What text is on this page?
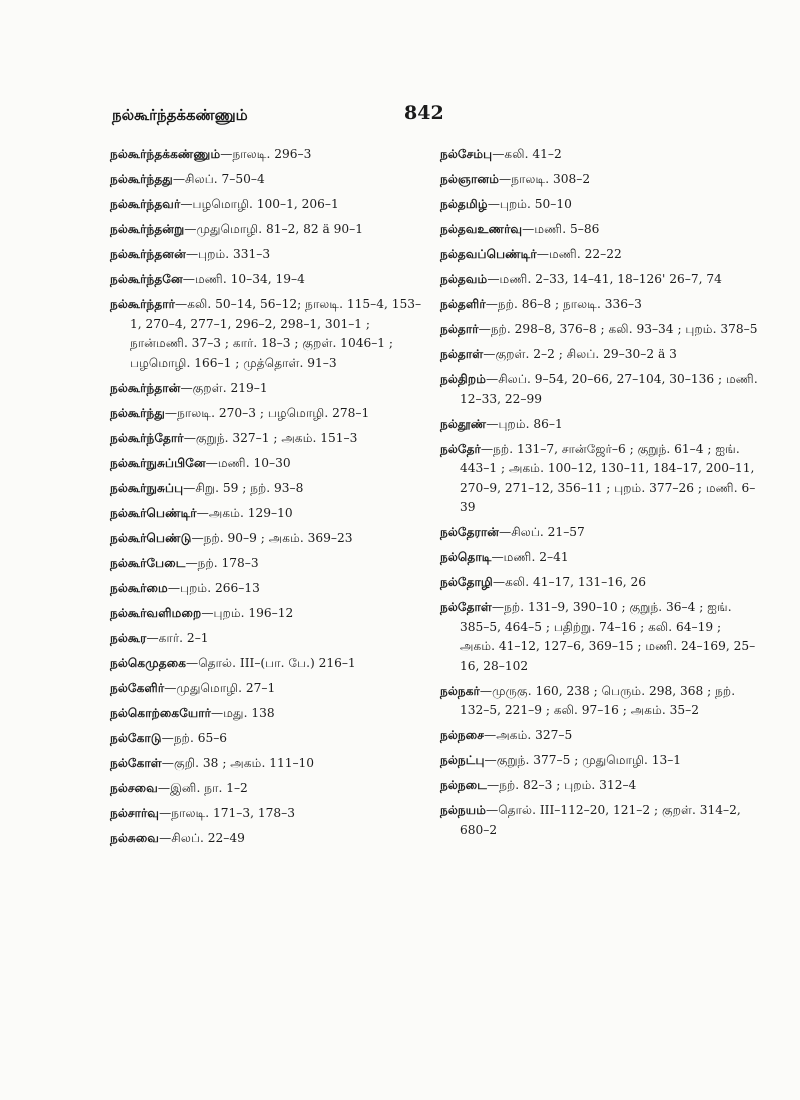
நல்கூர்ந்தக்கண்ணும்	842
நல்கூர்ந்தக்கண்ணும்—நாலடி. 296–3
நல்கூர்ந்தது—சிலப். 7–50–4
நல்கூர்ந்தவர்—பழமொழி. 100–1, 206–1
நல்கூர்ந்தன்று—முதுமொழி. 81–2, 82 ä 90–1
நல்கூர்ந்தனன்—புறம். 331–3
நல்கூர்ந்தனே—மணி. 10–34, 19–4
நல்கூர்ந்தார்—கலி. 50–14, 56–12; நாலடி. 115–4, 153–1, 270–4, 277–1, 296–2, 298–1, 301–1 ; நான்மணி. 37–3 ; கார். 18–3 ; குறள். 1046–1 ; பழமொழி. 166–1 ; முத்தொள். 91–3
நல்கூர்ந்தான்—குறள். 219–1
நல்கூர்ந்து—நாலடி. 270–3 ; பழமொழி. 278–1
நல்கூர்ந்தோர்—குறுந். 327–1 ; அகம். 151–3
நல்கூர்நுசுப்பினே—மணி. 10–30
நல்கூர்நுசுப்பு—சிறு. 59 ; நற். 93–8
நல்கூர்பெண்டிர்—அகம். 129–10
நல்கூர்பெண்டு—நற். 90–9 ; அகம். 369–23
நல்கூர்பேடை—நற். 178–3
நல்கூர்மை—புறம். 266–13
நல்கூர்வளிமறை—புறம். 196–12
நல்கூர—கார். 2–1
நல்கெமுதகை—தொல். III–(பா. பே.) 216–1
நல்கேளிர்—முதுமொழி. 27–1
நல்கொற்கையோர்—மது. 138
நல்கோடு—நற். 65–6
நல்கோள்—குறி. 38 ; அகம். 111–10
நல்சவை—இனி. நா. 1–2
நல்சார்வு—நாலடி. 171–3, 178–3
நல்சுவை—சிலப். 22–49
நல்சேம்பு—கலி. 41–2
நல்ஞானம்—நாலடி. 308–2
நல்தமிழ்—புறம். 50–10
நல்தவஉணர்வு—மணி. 5–86
நல்தவப்பெண்டிர்—மணி. 22–22
நல்தவம்—மணி. 2–33, 14–41, 18–126' 26–7, 74
நல்தளிர்—நற். 86–8 ; நாலடி. 336–3
நல்தார்—நற். 298–8, 376–8 ; கலி. 93–34 ; புறம். 378–5
நல்தாள்—குறள். 2–2 ; சிலப். 29–30–2 ä 3
நல்திறம்—சிலப். 9–54, 20–66, 27–104, 30–136 ; மணி. 12–33, 22–99
நல்தூண்—புறம். 86–1
நல்தேர்—நற். 131–7, சான்ஜேர்–6 ; குறுந். 61–4 ; ஐங். 443–1 ; அகம். 100–12, 130–11, 184–17, 200–11, 270–9, 271–12, 356–11 ; புறம். 377–26 ; மணி. 6–39
நல்தேரான்—சிலப். 21–57
நல்தொடி—மணி. 2–41
நல்தோழி—கலி. 41–17, 131–16, 26
நல்தோள்—நற். 131–9, 390–10 ; குறுந். 36–4 ; ஐங். 385–5, 464–5 ; பதிற்று. 74–16 ; கலி. 64–19 ; அகம். 41–12, 127–6, 369–15 ; மணி. 24–169, 25–16, 28–102
நல்நகர்—முருகு. 160, 238 ; பெரும். 298, 368 ; நற். 132–5, 221–9 ; கலி. 97–16 ; அகம். 35–2
நல்நசை—அகம். 327–5
நல்நட்பு—குறுந். 377–5 ; முதுமொழி. 13–1
நல்நடை—நற். 82–3 ; புறம். 312–4
நல்நயம்—தொல். III–112–20, 121–2 ; குறள். 314–2, 680–2
